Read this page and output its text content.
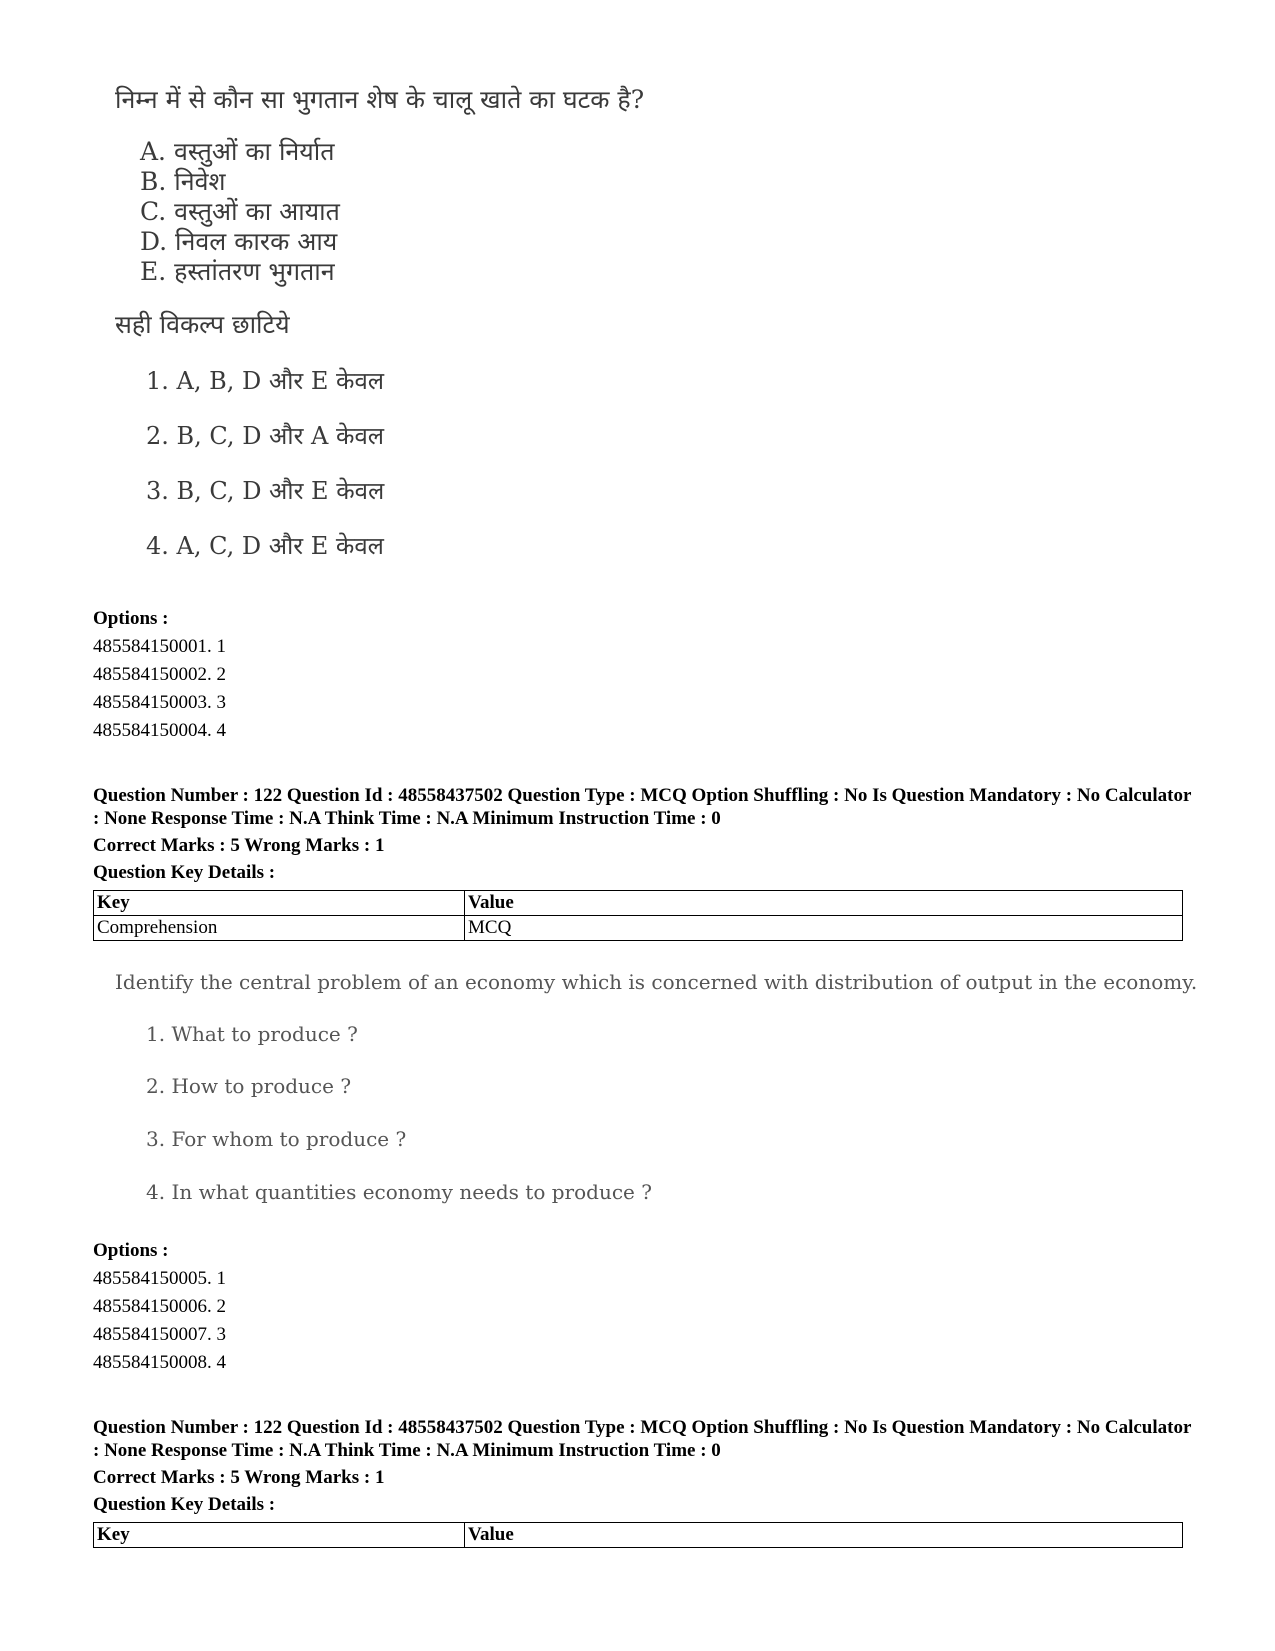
निम्न में से कौन सा भुगतान शेष के चालू खाते का घटक है?
A. वस्तुओं का निर्यात
B. निवेश
C. वस्तुओं का आयात
D. निवल कारक आय
E. हस्तांतरण भुगतान
सही विकल्प छाटिये
1. A, B, D और E केवल
2. B, C, D और A केवल
3. B, C, D और E केवल
4. A, C, D और E केवल
Options :
485584150001. 1
485584150002. 2
485584150003. 3
485584150004. 4
Question Number : 122 Question Id : 48558437502 Question Type : MCQ Option Shuffling : No Is Question Mandatory : No Calculator : None Response Time : N.A Think Time : N.A Minimum Instruction Time : 0
Correct Marks : 5 Wrong Marks : 1
Question Key Details :
Key	Value
Comprehension	MCQ
Identify the central problem of an economy which is concerned with distribution of output in the economy.
1. What to produce ?
2. How to produce ?
3. For whom to produce ?
4. In what quantities economy needs to produce ?
Options :
485584150005. 1
485584150006. 2
485584150007. 3
485584150008. 4
Question Number : 122 Question Id : 48558437502 Question Type : MCQ Option Shuffling : No Is Question Mandatory : No Calculator : None Response Time : N.A Think Time : N.A Minimum Instruction Time : 0
Correct Marks : 5 Wrong Marks : 1
Question Key Details :
Key	Value
